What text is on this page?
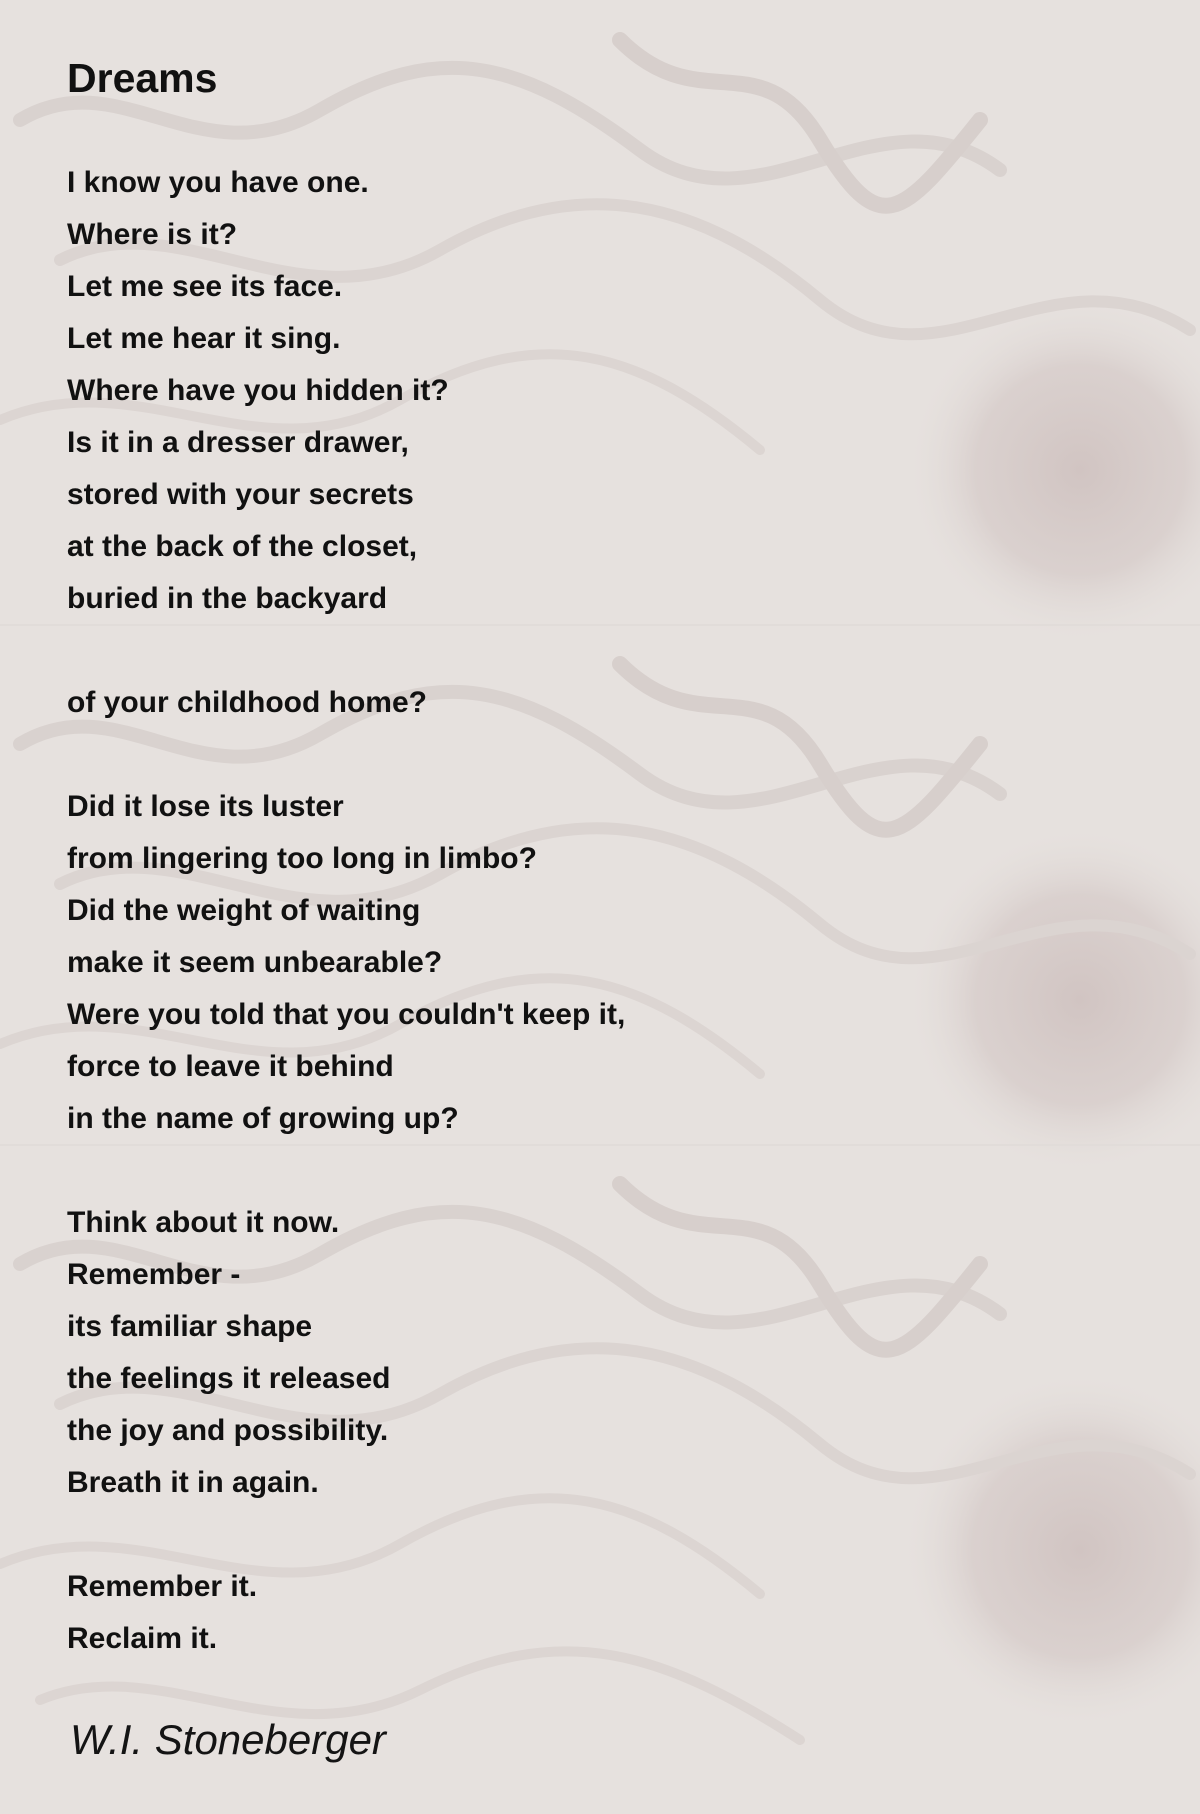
Dreams
I know you have one.
Where is it?
Let me see its face.
Let me hear it sing.
Where have you hidden it?
Is it in a dresser drawer,
stored with your secrets
at the back of the closet,
buried in the backyard
of your childhood home?
Did it lose its luster
from lingering too long in limbo?
Did the weight of waiting
make it seem unbearable?
Were you told that you couldn't keep it,
force to leave it behind
in the name of growing up?
Think about it now.
Remember -
its familiar shape
the feelings it released
the joy and possibility.
Breath it in again.
Remember it.
Reclaim it.
W.I. Stoneberger
